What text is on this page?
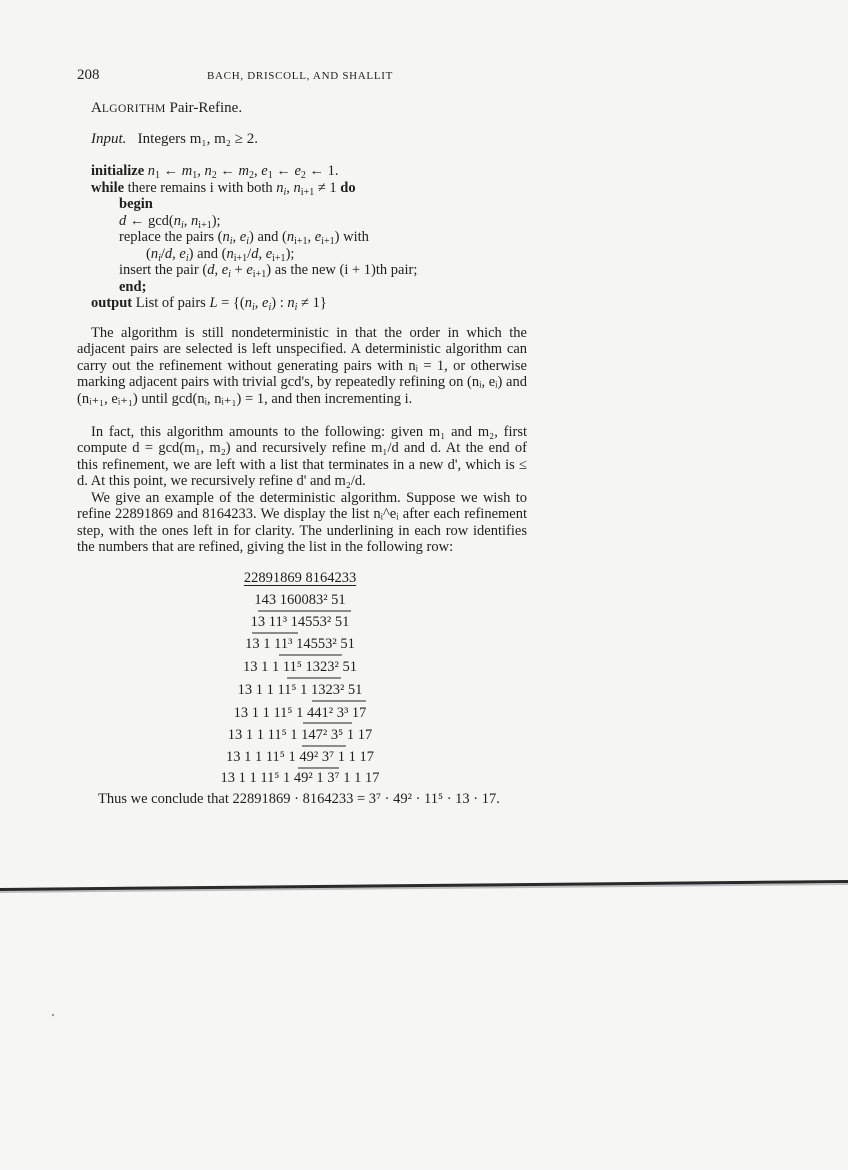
208	BACH, DRISCOLL, AND SHALLIT
ALGORITHM Pair-Refine.
Input. Integers m₁, m₂ ≥ 2.
initialize $n_1$ ← $m_1$, $n_2$ ← $m_2$, $e_1$ ← $e_2$ ← 1.
while there remains i with both $n_i$, $n_{i+1} \ne 1$ do
begin
d ← $\gcd(n_i$, $n_{i+1}$);
replace the pairs ($n_i$, $e_i$) and ($n_{i+1}$, $e_{i+1}$) with
($n_i/d$, $e_i$) and ($n_{i+1}/d$, $e_{i+1}$);
insert the pair (d, $e_i + e_{i+1}$) as the new (i + 1)th pair;
end;
output List of pairs $L = \{(n_i$, $e_i$) : $n_i \ne 1$}

The algorithm is still nondeterministic in that the order in which the adjacent pairs are selected is left unspecified. A deterministic algorithm can carry out the refinement without generating pairs with nᵢ = 1, or otherwise marking adjacent pairs with trivial gcd's, by repeatedly refining on (nᵢ, eᵢ) and (nᵢ₊₁, eᵢ₊₁) until gcd(nᵢ, nᵢ₊₁) = 1, and then incrementing i.

In fact, this algorithm amounts to the following: given m₁ and m₂, first compute d = gcd(m₁, m₂) and recursively refine m₁/d and d. At the end of this refinement, we are left with a list that terminates in a new d', which is ≤ d. At this point, we recursively refine d' and m₂/d.

We give an example of the deterministic algorithm. Suppose we wish to refine 22891869 and 8164233. We display the list nᵢ^eᵢ after each refinement step, with the ones left in for clarity. The underlining in each row identifies the numbers that are refined, giving the list in the following row:

22891869 8164233
143 160083² 51
13 11³ 14553² 51
13 1 11³ 14553² 51
13 1 1 11⁵ 1323² 51
13 1 1 11⁵ 1 1323² 51
13 1 1 11⁵ 1 441² 3³ 17
13 1 1 11⁵ 1 147² 3⁵ 1 17
13 1 1 11⁵ 1 49² 3⁷ 1 1 17
13 1 1 11⁵ 1 49² 1 3⁷ 1 1 17
Thus we conclude that 22891869 · 8164233 = 3⁷ · 49² · 11⁵ · 13 · 17.
